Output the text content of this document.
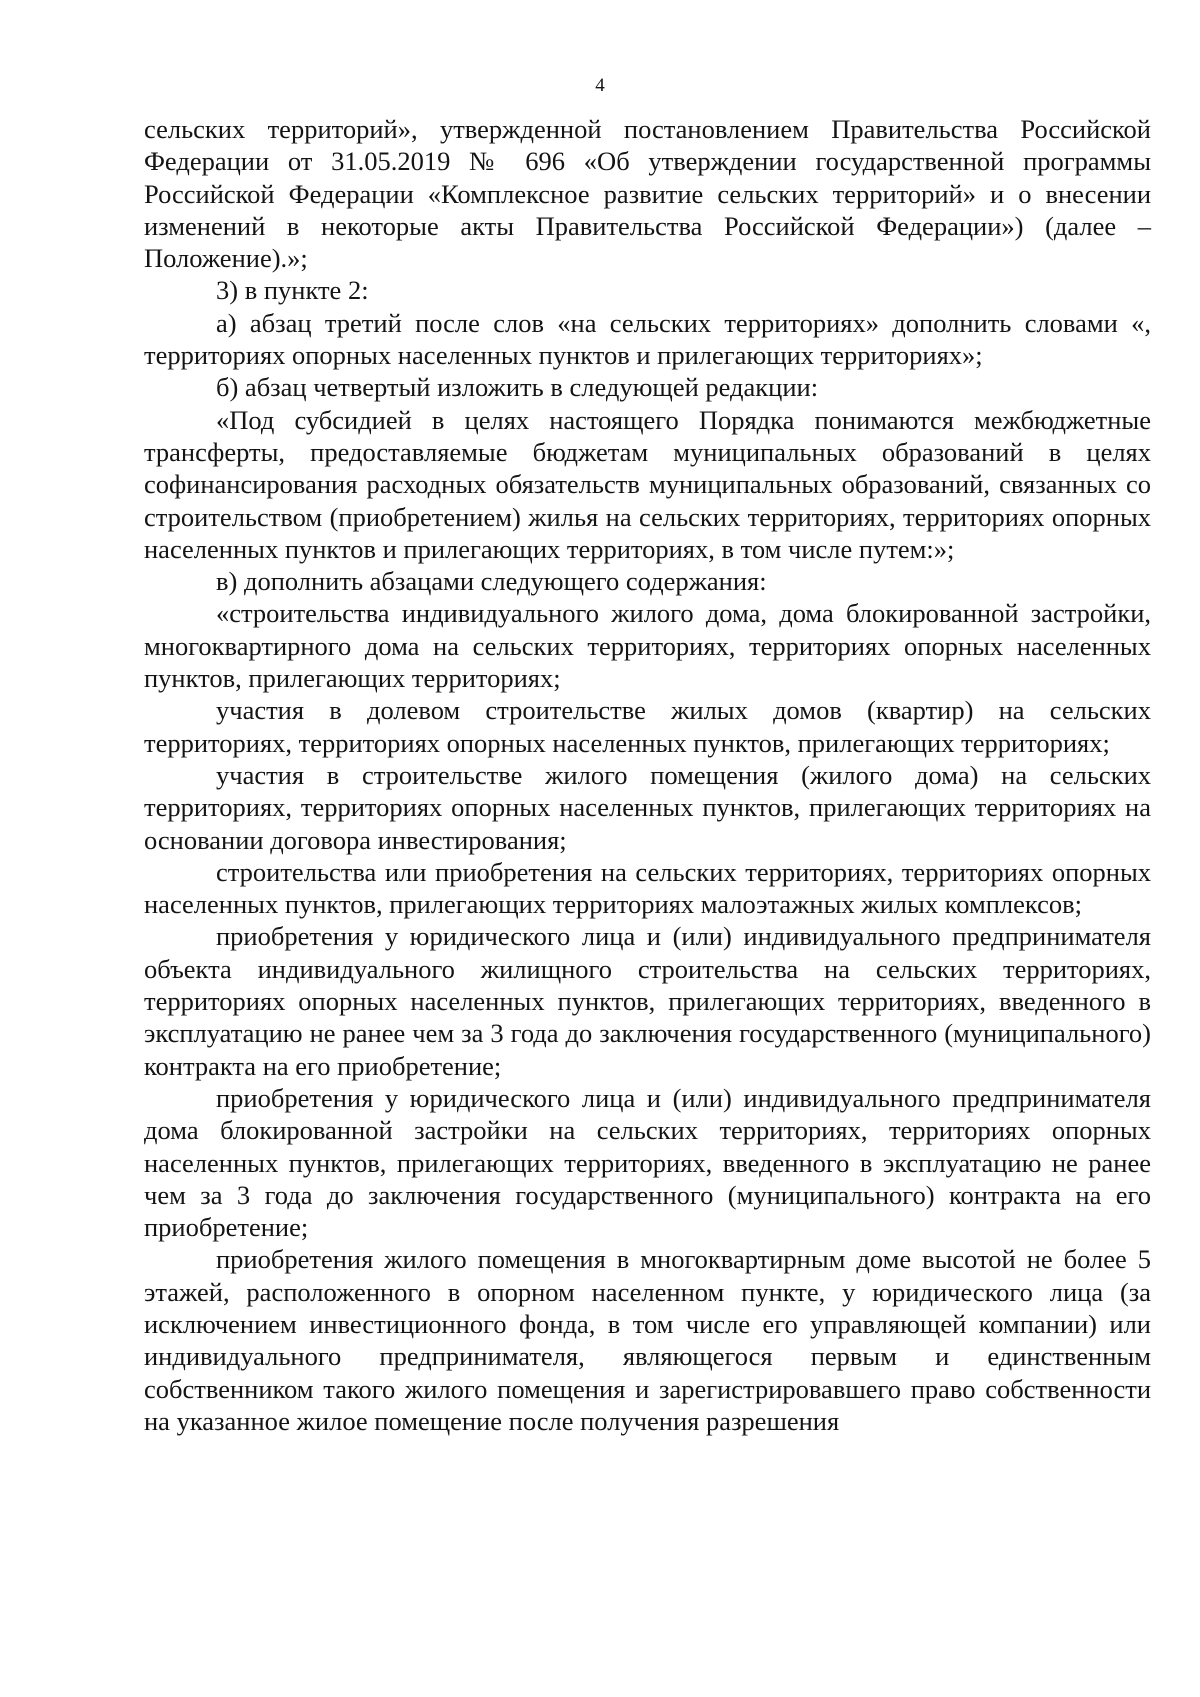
4

сельских территорий», утвержденной постановлением Правительства Российской Федерации от 31.05.2019 № 696 «Об утверждении государственной программы Российской Федерации «Комплексное развитие сельских территорий» и о внесении изменений в некоторые акты Правительства Российской Федерации») (далее – Положение).»;

3) в пункте 2:

а) абзац третий после слов «на сельских территориях» дополнить словами «, территориях опорных населенных пунктов и прилегающих территориях»;

б) абзац четвертый изложить в следующей редакции:

«Под субсидией в целях настоящего Порядка понимаются межбюджетные трансферты, предоставляемые бюджетам муниципальных образований в целях софинансирования расходных обязательств муниципальных образований, связанных со строительством (приобретением) жилья на сельских территориях, территориях опорных населенных пунктов и прилегающих территориях, в том числе путем:»;

в) дополнить абзацами следующего содержания:

«строительства индивидуального жилого дома, дома блокированной застройки, многоквартирного дома на сельских территориях, территориях опорных населенных пунктов, прилегающих территориях;

участия в долевом строительстве жилых домов (квартир) на сельских территориях, территориях опорных населенных пунктов, прилегающих территориях;

участия в строительстве жилого помещения (жилого дома) на сельских территориях, территориях опорных населенных пунктов, прилегающих территориях на основании договора инвестирования;

строительства или приобретения на сельских территориях, территориях опорных населенных пунктов, прилегающих территориях малоэтажных жилых комплексов;

приобретения у юридического лица и (или) индивидуального предпринимателя объекта индивидуального жилищного строительства на сельских территориях, территориях опорных населенных пунктов, прилегающих территориях, введенного в эксплуатацию не ранее чем за 3 года до заключения государственного (муниципального) контракта на его приобретение;

приобретения у юридического лица и (или) индивидуального предпринимателя дома блокированной застройки на сельских территориях, территориях опорных населенных пунктов, прилегающих территориях, введенного в эксплуатацию не ранее чем за 3 года до заключения государственного (муниципального) контракта на его приобретение;

приобретения жилого помещения в многоквартирным доме высотой не более 5 этажей, расположенного в опорном населенном пункте, у юридического лица (за исключением инвестиционного фонда, в том числе его управляющей компании) или индивидуального предпринимателя, являющегося первым и единственным собственником такого жилого помещения и зарегистрировавшего право собственности на указанное жилое помещение после получения разрешения
